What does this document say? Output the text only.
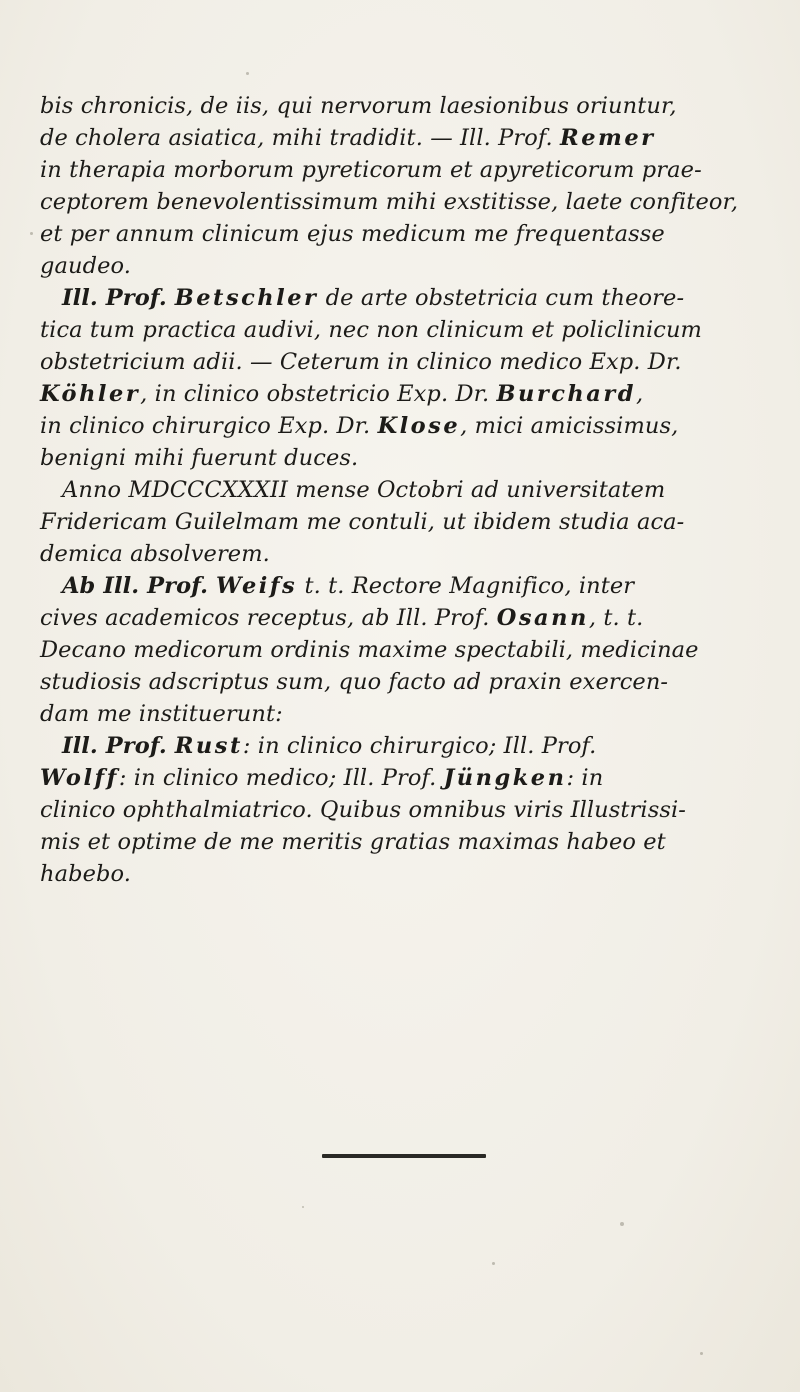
bis chronicis, de iis, qui nervorum laesionibus oriuntur,
de cholera asiatica, mihi tradidit. — Ill. Prof. Remer
in therapia morborum pyreticorum et apyreticorum prae-
ceptorem benevolentissimum mihi exstitisse, laete confiteor,
et per annum clinicum ejus medicum me frequentasse
gaudeo.
Ill. Prof. Betschler de arte obstetricia cum theore-
tica tum practica audivi, nec non clinicum et policlinicum
obstetricium adii. — Ceterum in clinico medico Exp. Dr.
Köhler, in clinico obstetricio Exp. Dr. Burchard,
in clinico chirurgico Exp. Dr. Klose, mici amicissimus,
benigni mihi fuerunt duces.
Anno MDCCCXXXII mense Octobri ad universitatem
Fridericam Guilelmam me contuli, ut ibidem studia aca-
demica absolverem.
Ab Ill. Prof. Weifs t. t. Rectore Magnifico, inter
cives academicos receptus, ab Ill. Prof. Osann, t. t.
Decano medicorum ordinis maxime spectabili, medicinae
studiosis adscriptus sum, quo facto ad praxin exercen-
dam me instituerunt:
Ill. Prof. Rust: in clinico chirurgico; Ill. Prof.
Wolff: in clinico medico; Ill. Prof. Jüngken: in
clinico ophthalmiatrico. Quibus omnibus viris Illustrissi-
mis et optime de me meritis gratias maximas habeo et
habebo.
